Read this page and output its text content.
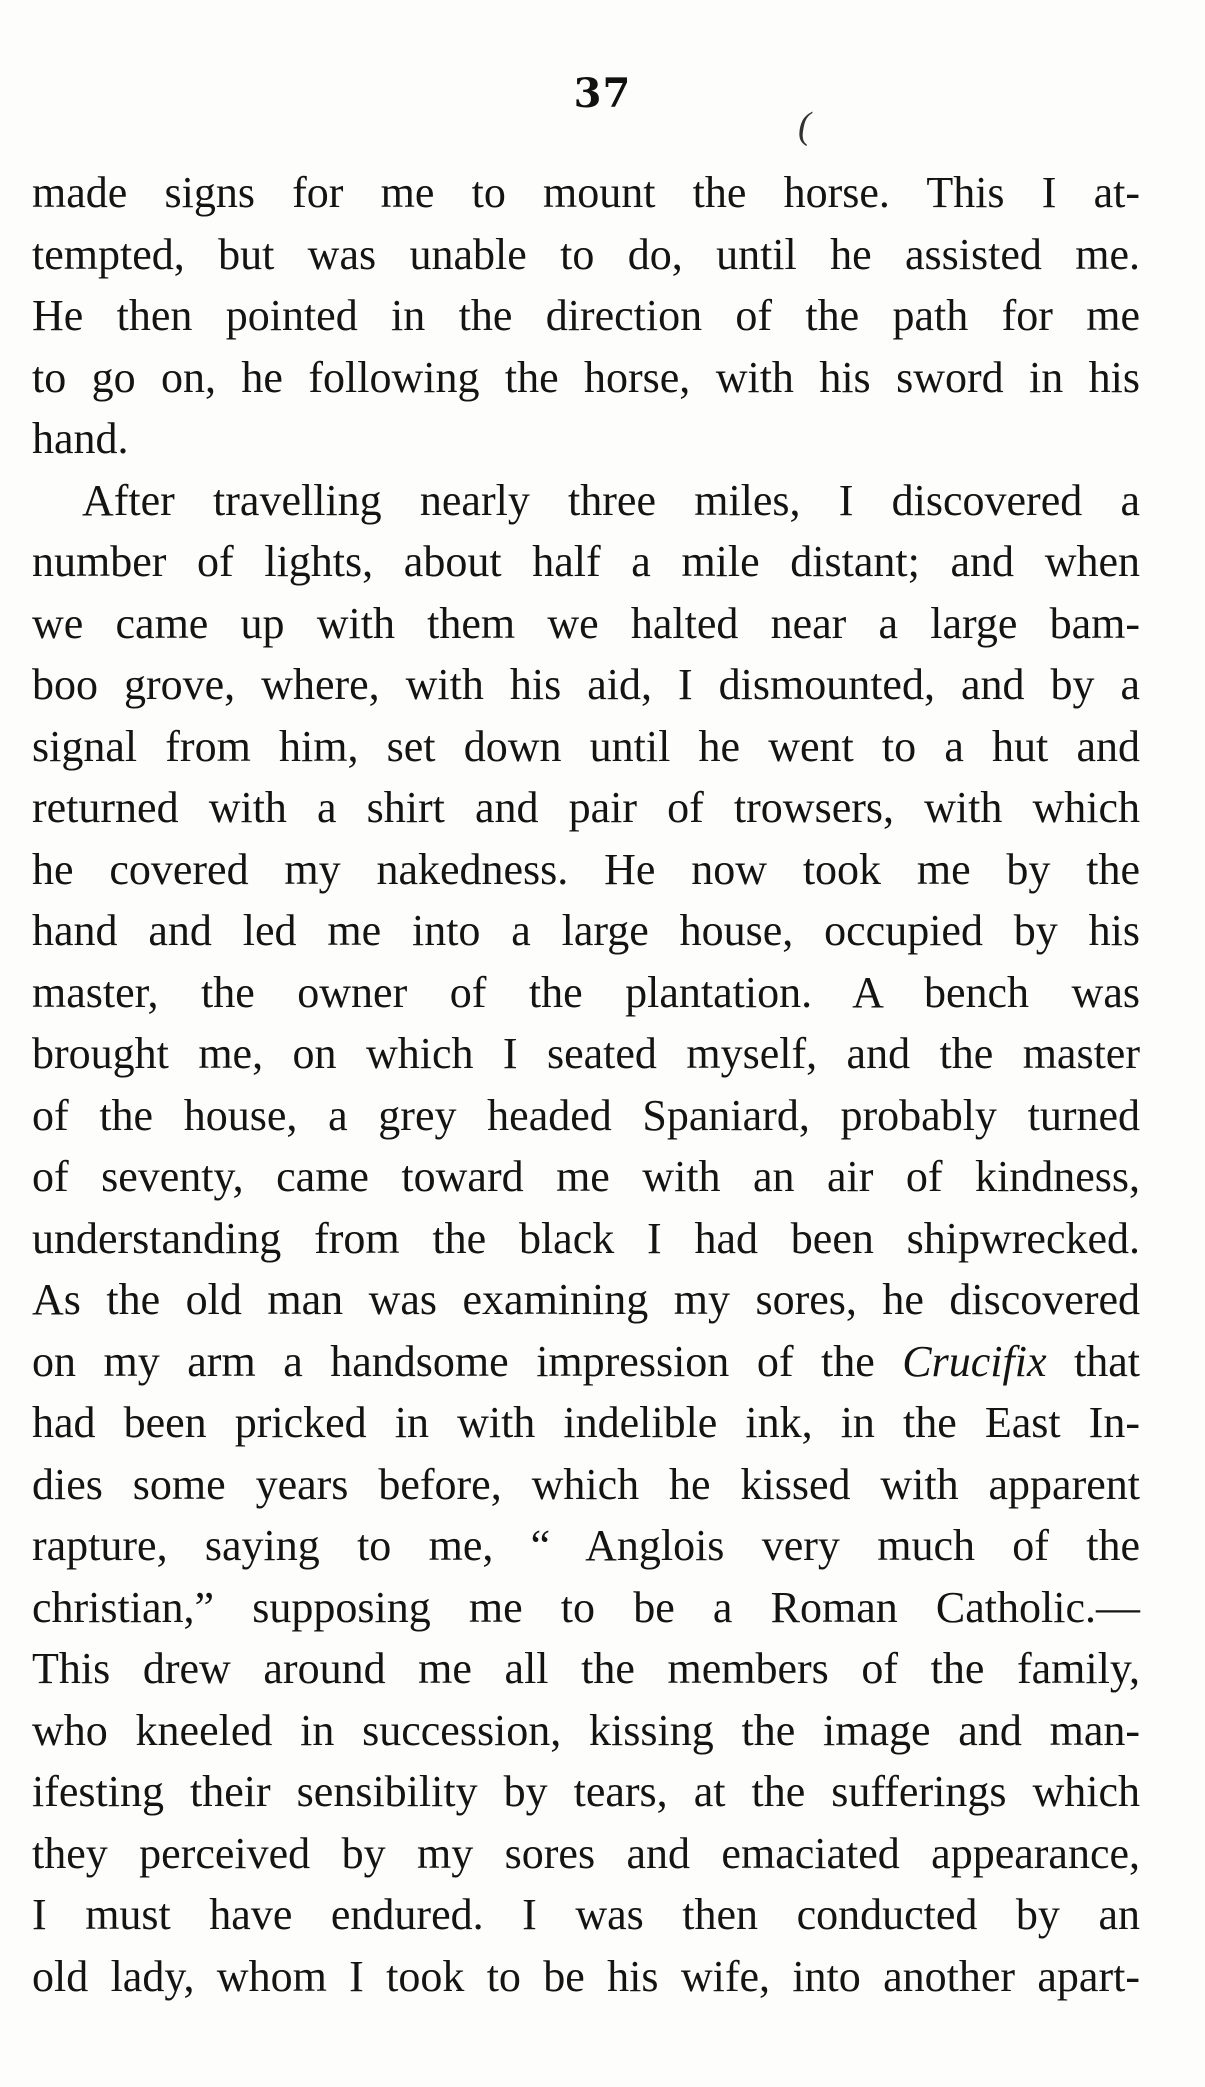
37
(
made signs for me to mount the horse. This I at-
tempted, but was unable to do, until he assisted me.
He then pointed in the direction of the path for me
to go on, he following the horse, with his sword in his
hand.
After travelling nearly three miles, I discovered a
number of lights, about half a mile distant; and when
we came up with them we halted near a large bam-
boo grove, where, with his aid, I dismounted, and by a
signal from him, set down until he went to a hut and
returned with a shirt and pair of trowsers, with which
he covered my nakedness. He now took me by the
hand and led me into a large house, occupied by his
master, the owner of the plantation. A bench was
brought me, on which I seated myself, and the master
of the house, a grey headed Spaniard, probably turned
of seventy, came toward me with an air of kindness,
understanding from the black I had been shipwrecked.
As the old man was examining my sores, he discovered
on my arm a handsome impression of the Crucifix that
had been pricked in with indelible ink, in the East In-
dies some years before, which he kissed with apparent
rapture, saying to me, “ Anglois very much of the
christian,” supposing me to be a Roman Catholic.—
This drew around me all the members of the family,
who kneeled in succession, kissing the image and man-
ifesting their sensibility by tears, at the sufferings which
they perceived by my sores and emaciated appearance,
I must have endured. I was then conducted by an
old lady, whom I took to be his wife, into another apart-
